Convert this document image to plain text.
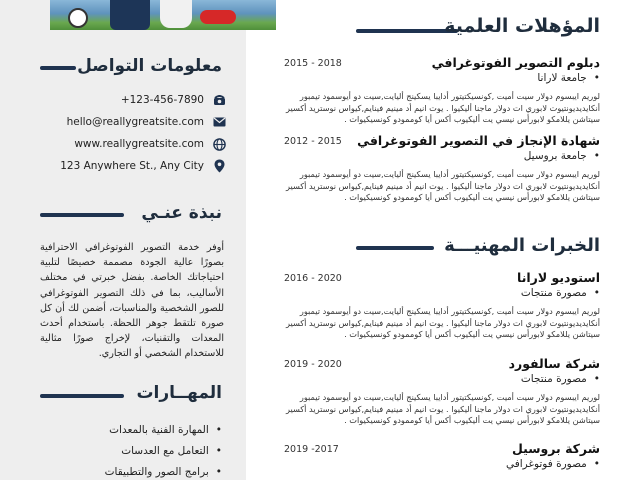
معلومات التواصل
+123-456-7890
hello@reallygreatsite.com
www.reallygreatsite.com
123 Anywhere St., Any City
نبذة عنـي
أوفر خدمة التصوير الفوتوغرافي الاحترافية بصورًا عالية الجودة مصممة خصيصًا لتلبية احتياجاتك الخاصة. بفضل خبرتي في مختلف الأساليب، بما في ذلك التصوير الفوتوغرافي للصور الشخصية والمناسبات، أضمن لك أن كل صورة تلتقط جوهر اللحظة. باستخدام أحدث المعدات والتقنيات، لإخراج صورًا مثالية للاستخدام الشخصي أو التجاري.
المهــارات
• المهارة الفنية بالمعدات
• التعامل مع العدسات
• برامج الصور والتطبيقات
المؤهلات العلمية
2015 - 2018	دبلوم التصوير الفوتوغرافي
• جامعة لارانا
لوريم ايبسوم دولار سيت أميت ,كونسيكتيتور أدايبا يسكينج أليايت,سيت دو أيوسمود تيمبور أنكايديديونتيوت لابوري ات دولار ماجنا أليكيوا . يوت انيم أد مينيم فينايم,كيواس نوستريد أكسير سيتاشن يللامكو لابورأس نيسي يت أليكيوب أكس أيا كوممودو كونسيكيوات .
2012 - 2015 شهادة الإنجاز في التصوير الفوتوغرافي
• جامعة بروسيل
لوريم ايبسوم دولار سيت أميت ,كونسيكتيتور أدايبا يسكينج أليايت,سيت دو أيوسمود تيمبور أنكايديديونتيوت لابوري ات دولار ماجنا أليكيوا . يوت انيم أد مينيم فينايم,كيواس نوستريد أكسير سيتاشن يللامكو لابورأس نيسي يت أليكيوب أكس أيا كوممودو كونسيكيوات .
الخبرات المهنيـــة
2016 - 2020	استوديو لارانا
• مصورة منتجات
لوريم ايبسوم دولار سيت أميت ,كونسيكتيتور أدايبا يسكينج أليايت,سيت دو أيوسمود تيمبور أنكايديديونتيوت لابوري ات دولار ماجنا أليكيوا . يوت انيم أد مينيم فينايم,كيواس نوستريد أكسير سيتاشن يللامكو لابورأس نيسي يت أليكيوب أكس أيا كوممودو كونسيكيوات .
2019 - 2020	شركة سالفورد
• مصورة منتجات
لوريم ايبسوم دولار سيت أميت ,كونسيكتيتور أدايبا يسكينج أليايت,سيت دو أيوسمود تيمبور أنكايديديونتيوت لابوري ات دولار ماجنا أليكيوا . يوت انيم أد مينيم فينايم,كيواس نوستريد أكسير سيتاشن يللامكو لابورأس نيسي يت أليكيوب أكس أيا كوممودو كونسيكيوات .
2019 -2017	شركة بروسيل
• مصورة فوتوغرافي
